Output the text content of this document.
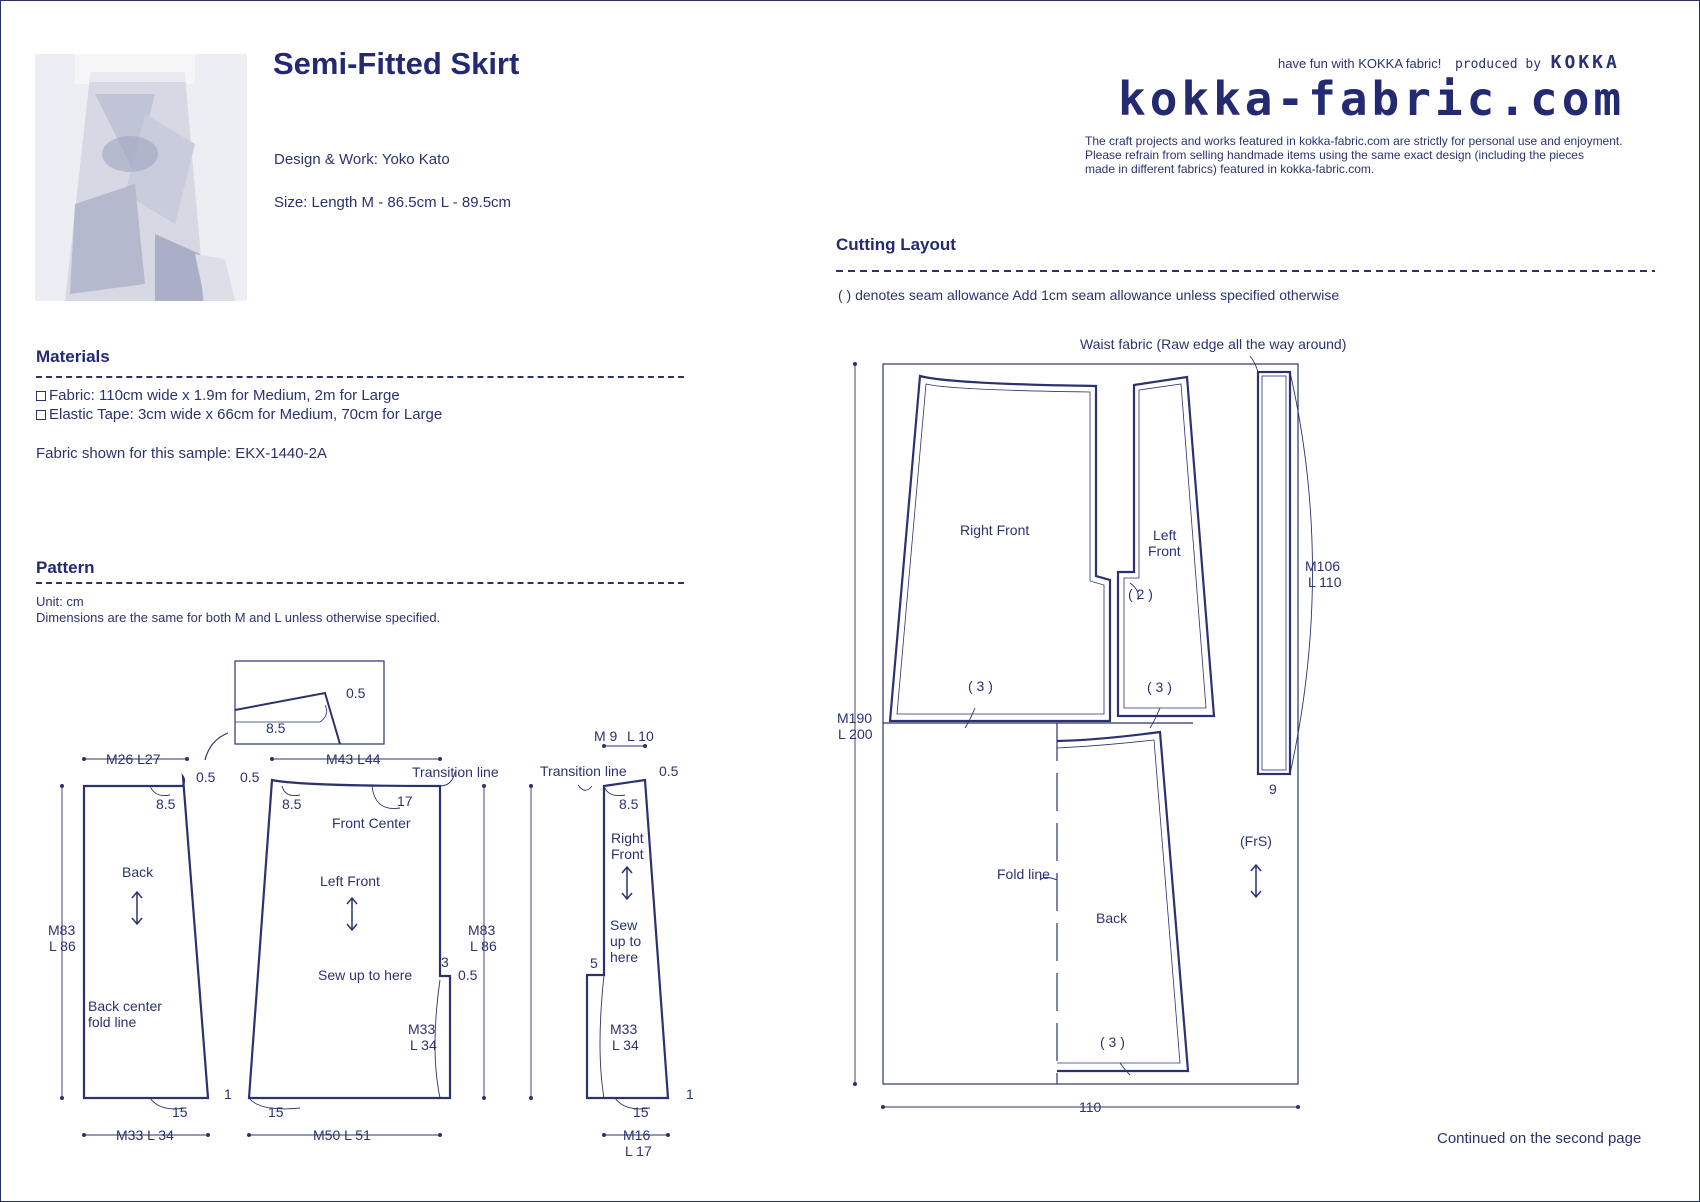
Semi-Fitted Skirt
Design & Work: Yoko Kato
Size: Length M - 86.5cm L - 89.5cm
have fun with KOKKA fabric! produced by KOKKA
kokka-fabric.com
The craft projects and works featured in kokka-fabric.com are strictly for personal use and enjoyment.
Please refrain from selling handmade items using the same exact design (including the pieces
made in different fabrics) featured in kokka-fabric.com.
Materials
Fabric: 110cm wide x 1.9m for Medium, 2m for Large
Elastic Tape: 3cm wide x 66cm for Medium, 70cm for Large
Fabric shown for this sample: EKX-1440-2A
Pattern
Unit: cm
Dimensions are the same for both M and L unless otherwise specified.
M26 L27	M43 L44
M 9 L 10
0.5
8.5
0.5
8.5
0.5
8.5	17
Transition line
Front Center
Transition line 0.5
8.5
Back
Left Front
Right
Front
M83
L 86
M83
L 86
Back center
fold line
Sew up to here
3
0.5
Sew
up to
here
5
M33
L 34
M33
L 34
1	1
15	15	15
M33 L 34	M50 L 51	M16
L 17
Cutting Layout
( ) denotes seam allowance Add 1cm seam allowance unless specified otherwise
Waist fabric (Raw edge all the way around)
Right Front	Left
Front
( 2 )
( 3 )	( 3 )
M106
L 110
M190
L 200
9
(FrS)
Fold line
Back
( 3 )
110
Continued on the second page
